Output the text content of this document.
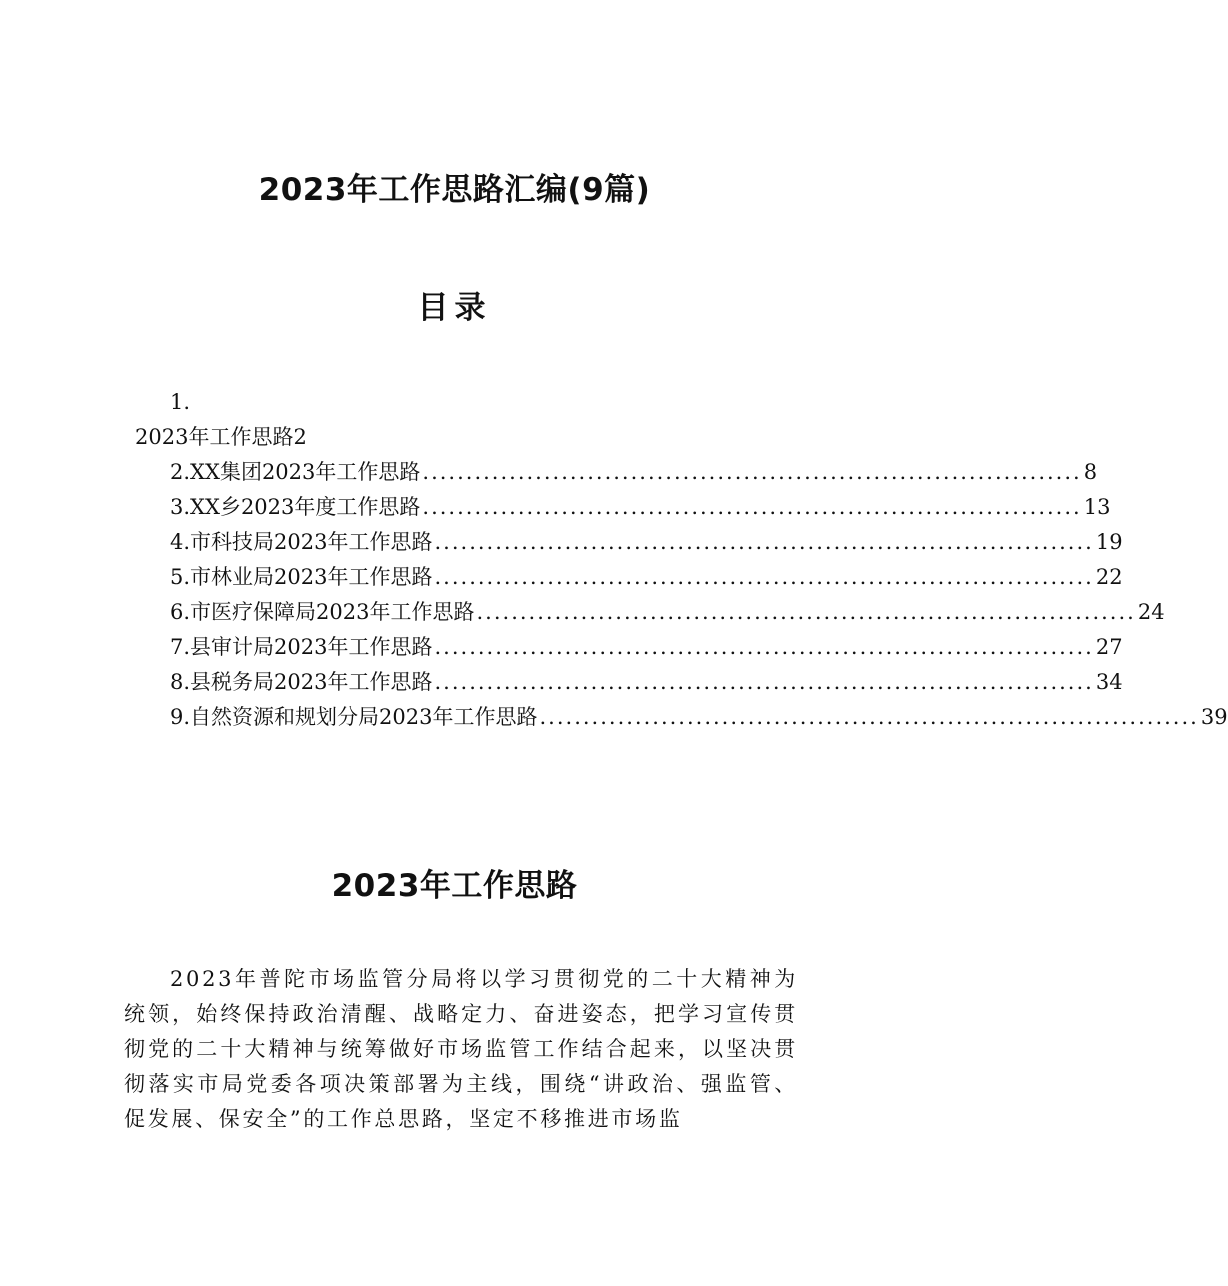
2023年工作思路汇编(9篇)
目录
1.
2023年工作思路2
2. XX集团2023年工作思路 ............................................................................ 8
3. XX乡2023年度工作思路 ............................................................................ 13
4. 市科技局2023年工作思路 ............................................................................ 19
5. 市林业局2023年工作思路 ............................................................................ 22
6. 市医疗保障局2023年工作思路 ............................................................................ 24
7. 县审计局2023年工作思路 ............................................................................ 27
8. 县税务局2023年工作思路 ............................................................................ 34
9. 自然资源和规划分局2023年工作思路 ............................................................................ 39
2023年工作思路

2023年普陀市场监管分局将以学习贯彻党的二十大精神为统领，始终保持政治清醒、战略定力、奋进姿态，把学习宣传贯彻党的二十大精神与统筹做好市场监管工作结合起来，以坚决贯彻落实市局党委各项决策部署为主线，围绕“讲政治、强监管、促发展、保安全”的工作总思路，坚定不移推进市场监
